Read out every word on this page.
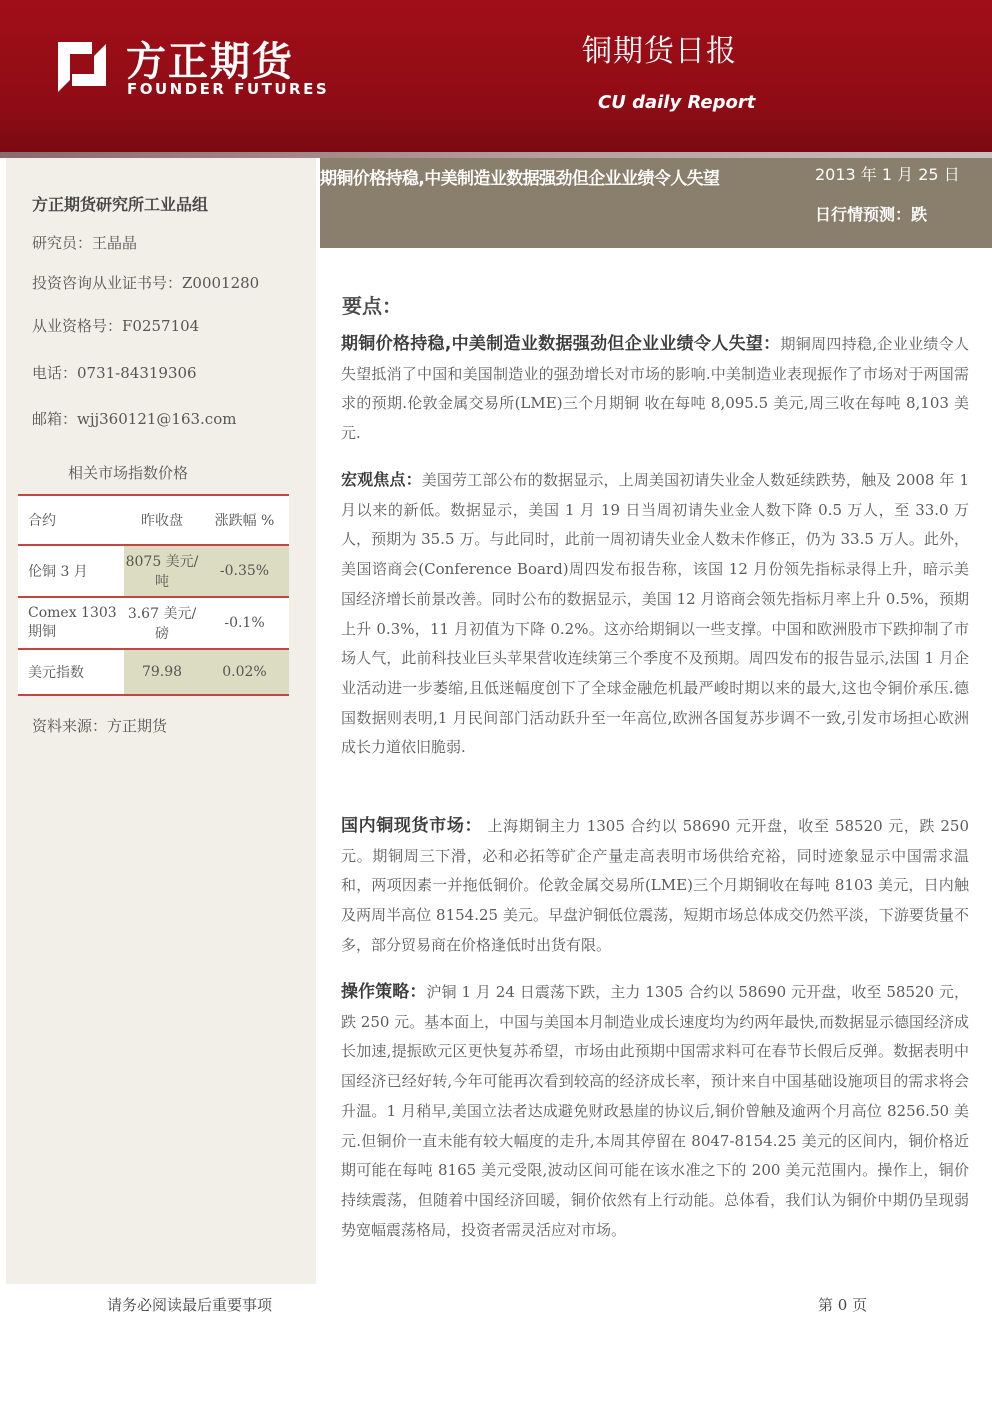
方正期货
FOUNDER FUTURES
铜期货日报
CU daily Report
方正期货研究所工业品组
研究员：王晶晶
投资咨询从业证书号：Z0001280
从业资格号：F0257104
电话：0731-84319306
邮箱：wjj360121@163.com
相关市场指数价格
合约	昨收盘	涨跌幅 %
伦铜 3 月	8075 美元/吨	-0.35%
Comex 1303 期铜	3.67 美元/磅	-0.1%
美元指数	79.98	0.02%
资料来源：方正期货
期铜价格持稳,中美制造业数据强劲但企业业绩令人失望	2013 年 1 月 25 日
日行情预测：跌
要点：
期铜价格持稳,中美制造业数据强劲但企业业绩令人失望：期铜周四持稳,企业业绩令人失望抵消了中国和美国制造业的强劲增长对市场的影响.中美制造业表现振作了市场对于两国需求的预期.伦敦金属交易所(LME)三个月期铜 收在每吨 8,095.5 美元,周三收在每吨 8,103 美元.
宏观焦点：美国劳工部公布的数据显示，上周美国初请失业金人数延续跌势，触及 2008 年 1 月以来的新低。数据显示，美国 1 月 19 日当周初请失业金人数下降 0.5 万人，至 33.0 万人，预期为 35.5 万。与此同时，此前一周初请失业金人数未作修正，仍为 33.5 万人。此外，美国谘商会(Conference Board)周四发布报告称，该国 12 月份领先指标录得上升，暗示美国经济增长前景改善。同时公布的数据显示，美国 12 月谘商会领先指标月率上升 0.5%，预期上升 0.3%，11 月初值为下降 0.2%。这亦给期铜以一些支撑。中国和欧洲股市下跌抑制了市场人气，此前科技业巨头苹果营收连续第三个季度不及预期。周四发布的报告显示,法国 1 月企业活动进一步萎缩,且低迷幅度创下了全球金融危机最严峻时期以来的最大,这也令铜价承压.德国数据则表明,1 月民间部门活动跃升至一年高位,欧洲各国复苏步调不一致,引发市场担心欧洲成长力道依旧脆弱.
国内铜现货市场： 上海期铜主力 1305 合约以 58690 元开盘，收至 58520 元，跌 250 元。期铜周三下滑，必和必拓等矿企产量走高表明市场供给充裕，同时迹象显示中国需求温和，两项因素一并拖低铜价。伦敦金属交易所(LME)三个月期铜收在每吨 8103 美元，日内触及两周半高位 8154.25 美元。早盘沪铜低位震荡，短期市场总体成交仍然平淡，下游要货量不多，部分贸易商在价格逢低时出货有限。
操作策略：沪铜 1 月 24 日震荡下跌，主力 1305 合约以 58690 元开盘，收至 58520 元，跌 250 元。基本面上，中国与美国本月制造业成长速度均为约两年最快,而数据显示德国经济成长加速,提振欧元区更快复苏希望，市场由此预期中国需求料可在春节长假后反弹。数据表明中国经济已经好转,今年可能再次看到较高的经济成长率，预计来自中国基础设施项目的需求将会升温。1 月稍早,美国立法者达成避免财政悬崖的协议后,铜价曾触及逾两个月高位 8256.50 美元.但铜价一直未能有较大幅度的走升,本周其停留在 8047-8154.25 美元的区间内，铜价格近期可能在每吨 8165 美元受限,波动区间可能在该水准之下的 200 美元范围内。操作上，铜价持续震荡，但随着中国经济回暖，铜价依然有上行动能。总体看，我们认为铜价中期仍呈现弱势宽幅震荡格局，投资者需灵活应对市场。
请务必阅读最后重要事项	第 0 页
